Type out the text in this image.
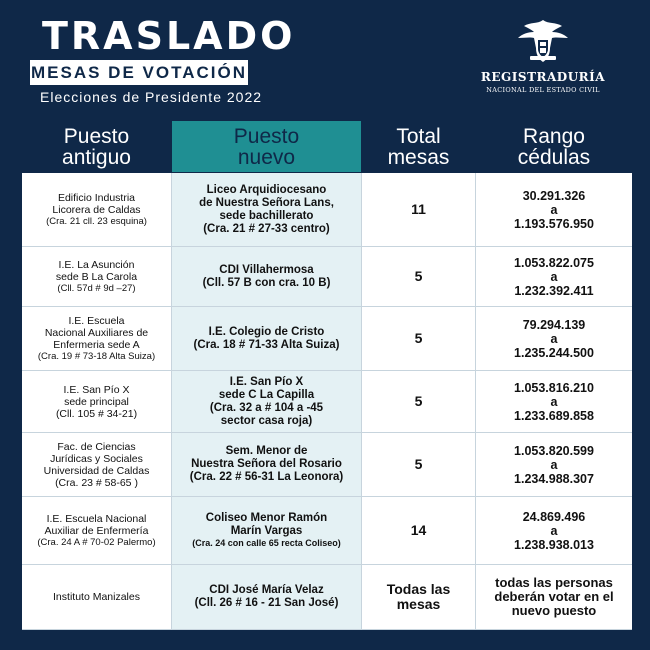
TRASLADO
MESAS DE VOTACIÓN
Elecciones de Presidente 2022
REGISTRADURÍA
NACIONAL DEL ESTADO CIVIL
Puesto
antiguo
Puesto
nuevo
Total
mesas
Rango
cédulas
Edificio Industria
Licorera de Caldas
(Cra. 21 cll. 23 esquina)
Liceo Arquidiocesano
de Nuestra Señora Lans,
sede bachillerato
(Cra. 21 # 27-33 centro)
11
30.291.326
a
1.193.576.950
I.E. La Asunción
sede B La Carola
(Cll. 57d # 9d –27)
CDI Villahermosa
(Cll. 57 B con cra. 10 B)	5
1.053.822.075
a
1.232.392.411
I.E. Escuela
Nacional Auxiliares de
Enfermeria sede A
(Cra. 19 # 73-18 Alta Suiza)
I.E. Colegio de Cristo
(Cra. 18 # 71-33 Alta Suiza)	5
79.294.139
a
1.235.244.500
I.E. San Pío X
sede principal
(Cll. 105 # 34-21)
I.E. San Pío X
sede C La Capilla
(Cra. 32 a # 104 a -45
sector casa roja)
5
1.053.816.210
a
1.233.689.858
Fac. de Ciencias
Jurídicas y Sociales
Universidad de Caldas
(Cra. 23 # 58-65 )
Sem. Menor de
Nuestra Señora del Rosario
(Cra. 22 # 56-31 La Leonora)
5
1.053.820.599
a
1.234.988.307
I.E. Escuela Nacional
Auxiliar de Enfermería
(Cra. 24 A # 70-02 Palermo)
Coliseo Menor Ramón
Marín Vargas
(Cra. 24 con calle 65 recta Coliseo)
14
24.869.496
a
1.238.938.013
Instituto Manizales
CDI José María Velaz
(Cll. 26 # 16 - 21 San José)
Todas las mesas
todas las personas
deberán votar en el
nuevo puesto
